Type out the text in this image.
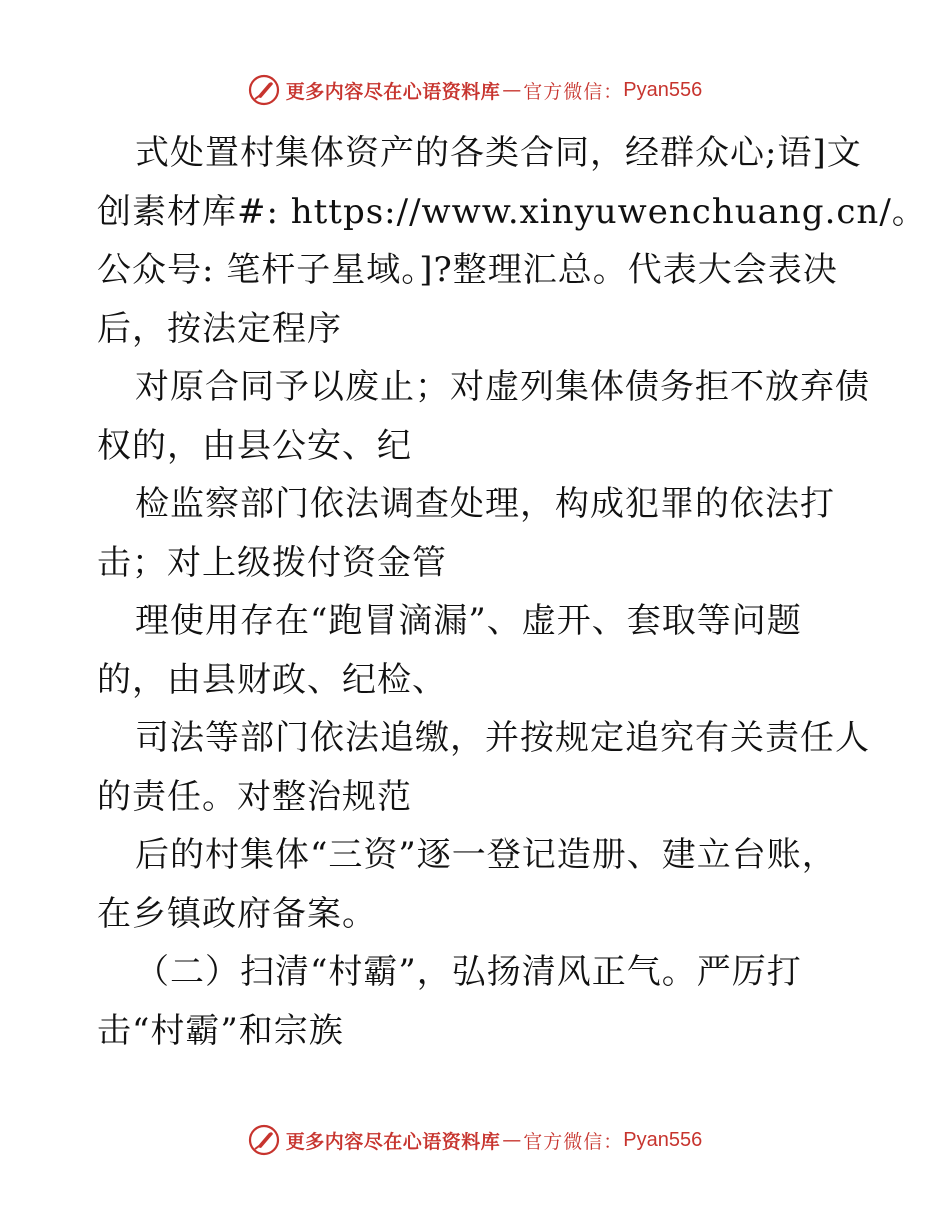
更多内容尽在心语资料库 — 官方微信： Pyan556
式处置村集体资产的各类合同，经群众心;语]文
创素材库#: https://www.xinyuwenchuang.cn/。
公众号: 笔杆子星域。]?整理汇总。代表大会表决
后，按法定程序
对原合同予以废止；对虚列集体债务拒不放弃债
权的，由县公安、纪
检监察部门依法调查处理，构成犯罪的依法打
击；对上级拨付资金管
理使用存在“跑冒滴漏”、虚开、套取等问题
的，由县财政、纪检、
司法等部门依法追缴，并按规定追究有关责任人
的责任。对整治规范
后的村集体“三资”逐一登记造册、建立台账，
在乡镇政府备案。
（二）扫清“村霸”，弘扬清风正气。严厉打
击“村霸”和宗族
更多内容尽在心语资料库 — 官方微信： Pyan556
